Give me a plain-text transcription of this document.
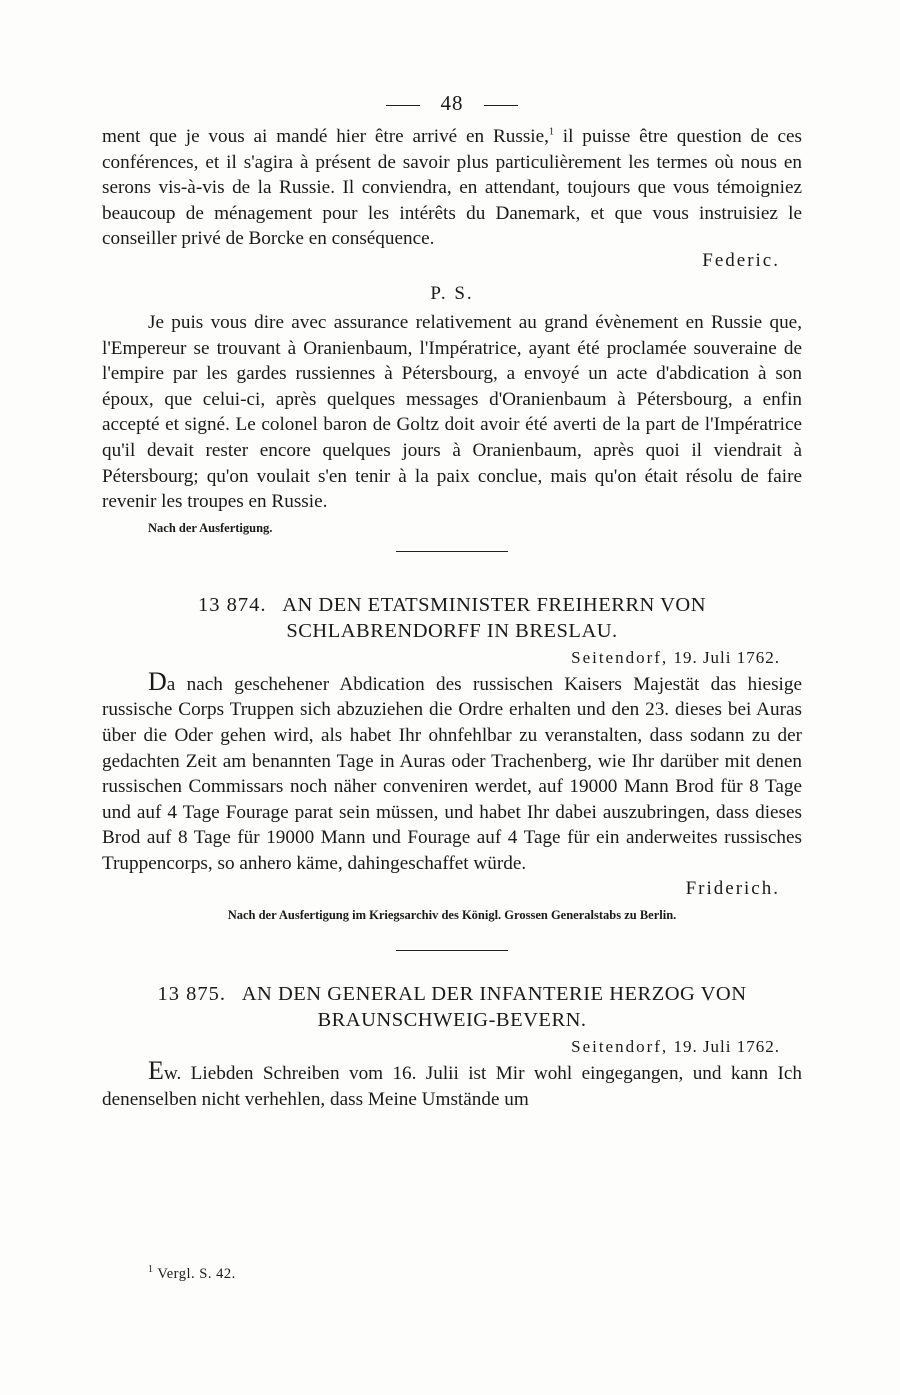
48

ment que je vous ai mandé hier être arrivé en Russie,$^1$ il puisse être question de ces conférences, et il s'agira à présent de savoir plus particulièrement les termes où nous en serons vis-à-vis de la Russie. Il conviendra, en attendant, toujours que vous témoigniez beaucoup de ménagement pour les intérêts du Danemark, et que vous instruisiez le conseiller privé de Borcke en conséquence.

Federic.
P. S.

Je puis vous dire avec assurance relativement au grand évènement en Russie que, l'Empereur se trouvant à Oranienbaum, l'Impératrice, ayant été proclamée souveraine de l'empire par les gardes russiennes à Pétersbourg, a envoyé un acte d'abdication à son époux, que celui-ci, après quelques messages d'Oranienbaum à Pétersbourg, a enfin accepté et signé. Le colonel baron de Goltz doit avoir été averti de la part de l'Impératrice qu'il devait rester encore quelques jours à Oranienbaum, après quoi il viendrait à Pétersbourg; qu'on voulait s'en tenir à la paix conclue, mais qu'on était résolu de faire revenir les troupes en Russie.

Nach der Ausfertigung.
13 874. AN DEN ETATSMINISTER FREIHERRN VON
SCHLABRENDORFF IN BRESLAU.
Seitendorf, 19. Juli 1762.

Da nach geschehener Abdication des russischen Kaisers Majestät das hiesige russische Corps Truppen sich abzuziehen die Ordre erhalten und den 23. dieses bei Auras über die Oder gehen wird, als habet Ihr ohnfehlbar zu veranstalten, dass sodann zu der gedachten Zeit am benannten Tage in Auras oder Trachenberg, wie Ihr darüber mit denen russischen Commissars noch näher conveniren werdet, auf 19000 Mann Brod für 8 Tage und auf 4 Tage Fourage parat sein müssen, und habet Ihr dabei auszubringen, dass dieses Brod auf 8 Tage für 19000 Mann und Fourage auf 4 Tage für ein anderweites russisches Truppencorps, so anhero käme, dahingeschaffet würde.

Friderich.
Nach der Ausfertigung im Kriegsarchiv des Königl. Grossen Generalstabs zu Berlin.
13 875. AN DEN GENERAL DER INFANTERIE HERZOG VON
BRAUNSCHWEIG-BEVERN.
Seitendorf, 19. Juli 1762.

Ew. Liebden Schreiben vom 16. Julii ist Mir wohl eingegangen, und kann Ich denenselben nicht verhehlen, dass Meine Umstände um

$^1$ Vergl. S. 42.
